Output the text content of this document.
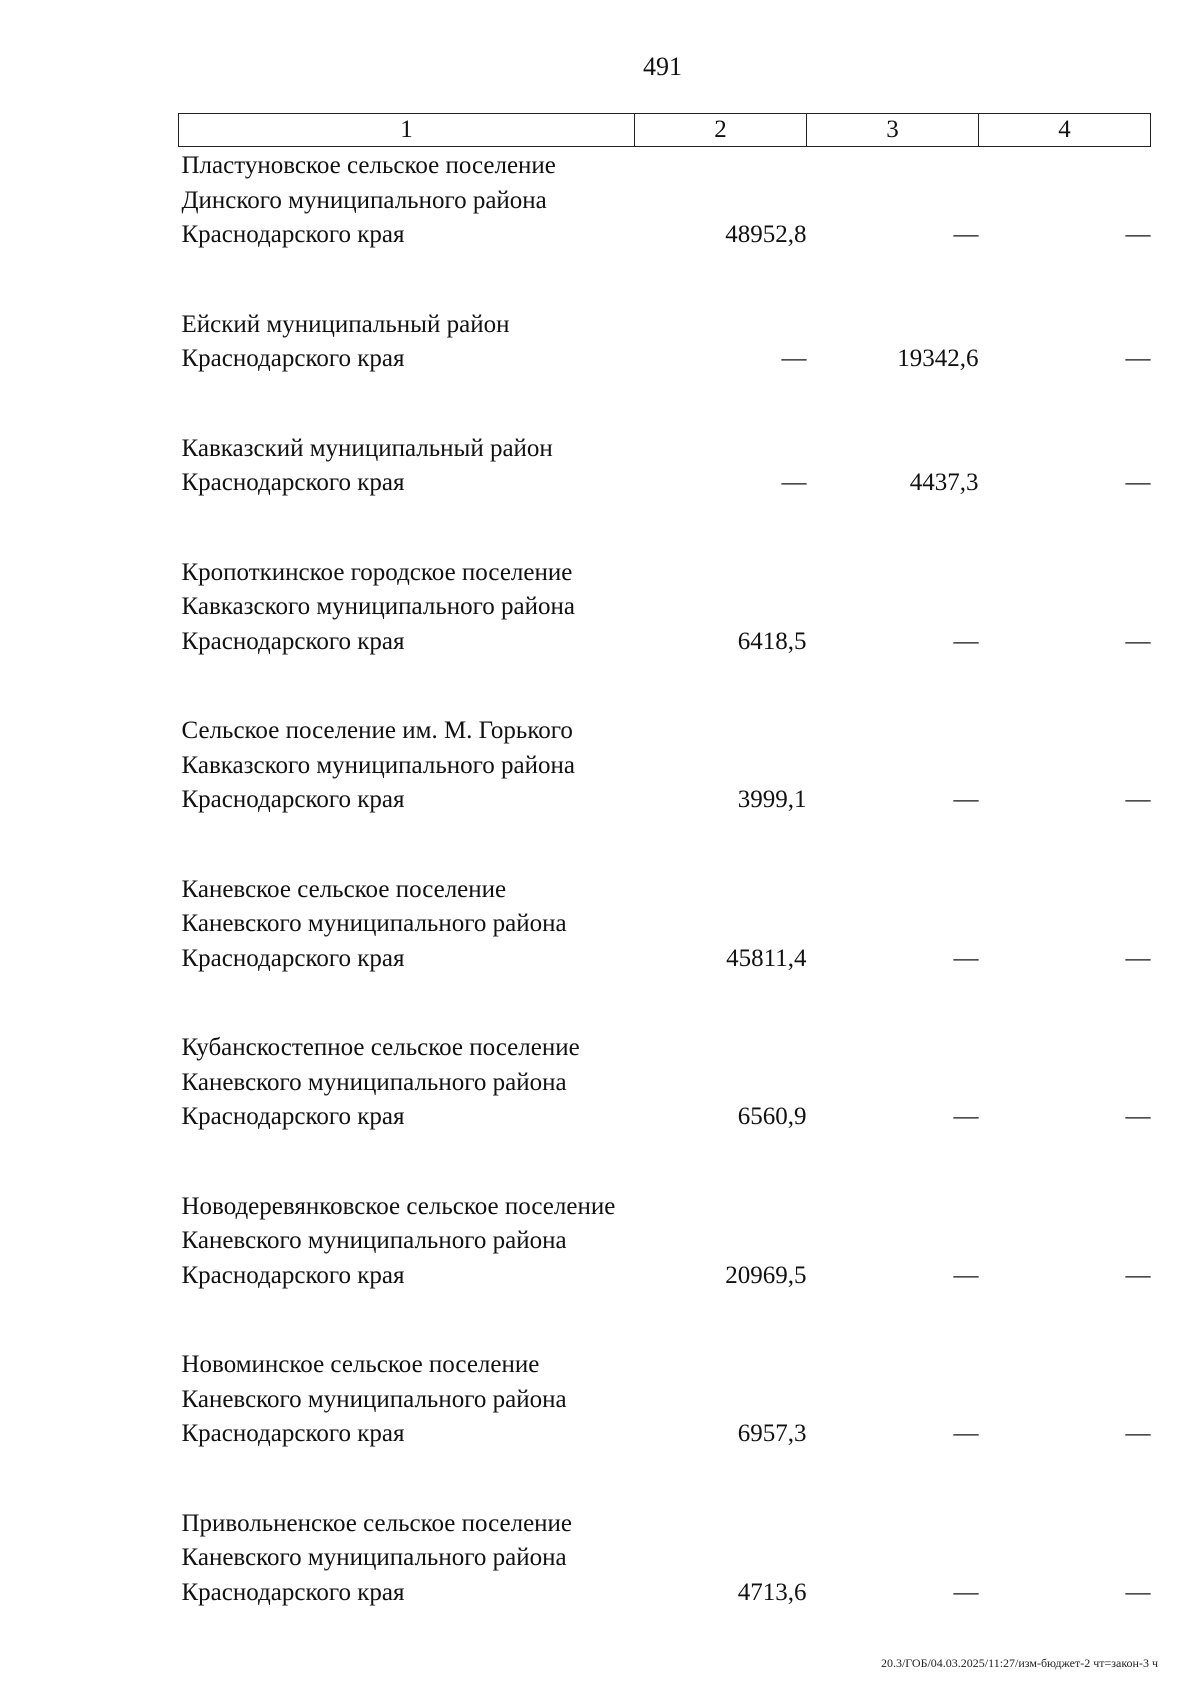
491
1	2	3	4
Пластуновское сельское поселение Динского муниципального района Краснодарского края	48952,8	—	—
Ейский муниципальный район Краснодарского края	—	19342,6	—
Кавказский муниципальный район Краснодарского края	—	4437,3	—
Кропоткинское городское поселение Кавказского муниципального района Краснодарского края	6418,5	—	—
Сельское поселение им. М. Горького Кавказского муниципального района Краснодарского края	3999,1	—	—
Каневское сельское поселение Каневского муниципального района Краснодарского края	45811,4	—	—
Кубанскостепное сельское поселение Каневского муниципального района Краснодарского края	6560,9	—	—
Новодеревянковское сельское поселение Каневского муниципального района Краснодарского края	20969,5	—	—
Новоминское сельское поселение Каневского муниципального района Краснодарского края	6957,3	—	—
Привольненское сельское поселение Каневского муниципального района Краснодарского края	4713,6	—	—
20.3/ГОБ/04.03.2025/11:27/изм-бюджет-2 чт=закон-3 ч
